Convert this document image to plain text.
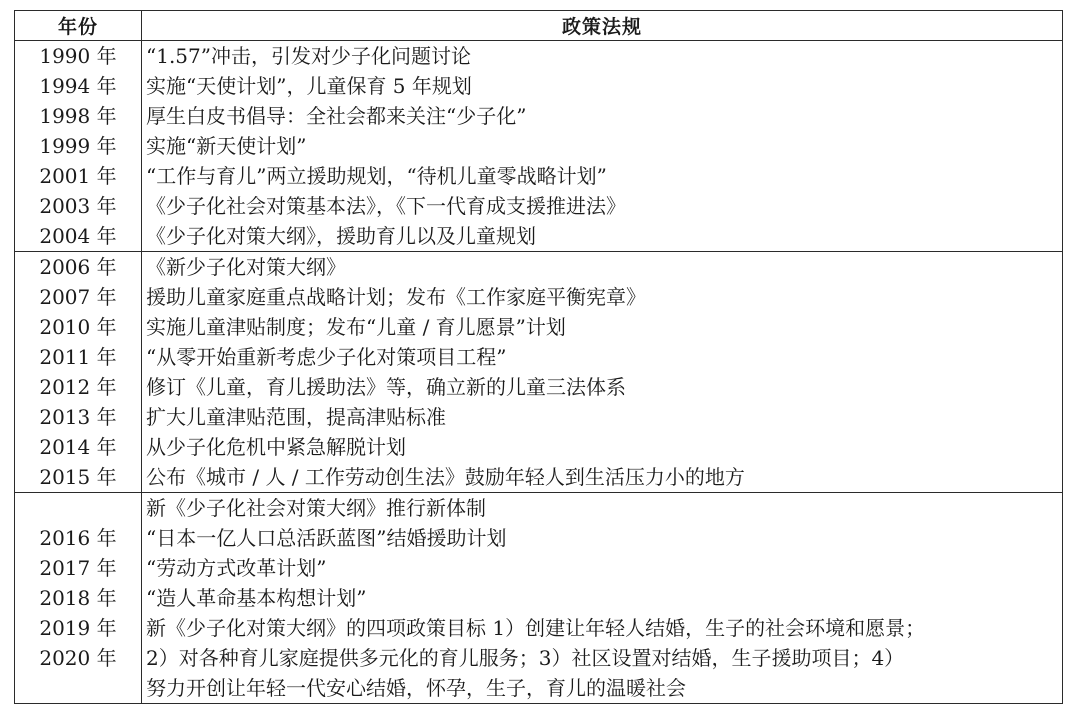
年份	政策法规
1990 年
1994 年
1998 年
1999 年
2001 年
2003 年
2004 年
“1.57”冲击，引发对少子化问题讨论
实施“天使计划”，儿童保育 5 年规划
厚生白皮书倡导：全社会都来关注“少子化”
实施“新天使计划”
“工作与育儿”两立援助规划，“待机儿童零战略计划”
《少子化社会对策基本法》，《下一代育成支援推进法》
《少子化对策大纲》，援助育儿以及儿童规划
2006 年
2007 年
2010 年
2011 年
2012 年
2013 年
2014 年
2015 年
《新少子化对策大纲》
援助儿童家庭重点战略计划；发布《工作家庭平衡宪章》
实施儿童津贴制度；发布“儿童 / 育儿愿景”计划
“从零开始重新考虑少子化对策项目工程”
修订《儿童，育儿援助法》等，确立新的儿童三法体系
扩大儿童津贴范围，提高津贴标准
从少子化危机中紧急解脱计划
公布《城市 / 人 / 工作劳动创生法》鼓励年轻人到生活压力小的地方
2016 年
2017 年
2018 年
2019 年
2020 年
新《少子化社会对策大纲》推行新体制
“日本一亿人口总活跃蓝图”结婚援助计划
“劳动方式改革计划”
“造人革命基本构想计划”
新《少子化对策大纲》的四项政策目标 1）创建让年轻人结婚，生子的社会环境和愿景；
2）对各种育儿家庭提供多元化的育儿服务；3）社区设置对结婚，生子援助项目；4）
努力开创让年轻一代安心结婚，怀孕，生子，育儿的温暖社会
